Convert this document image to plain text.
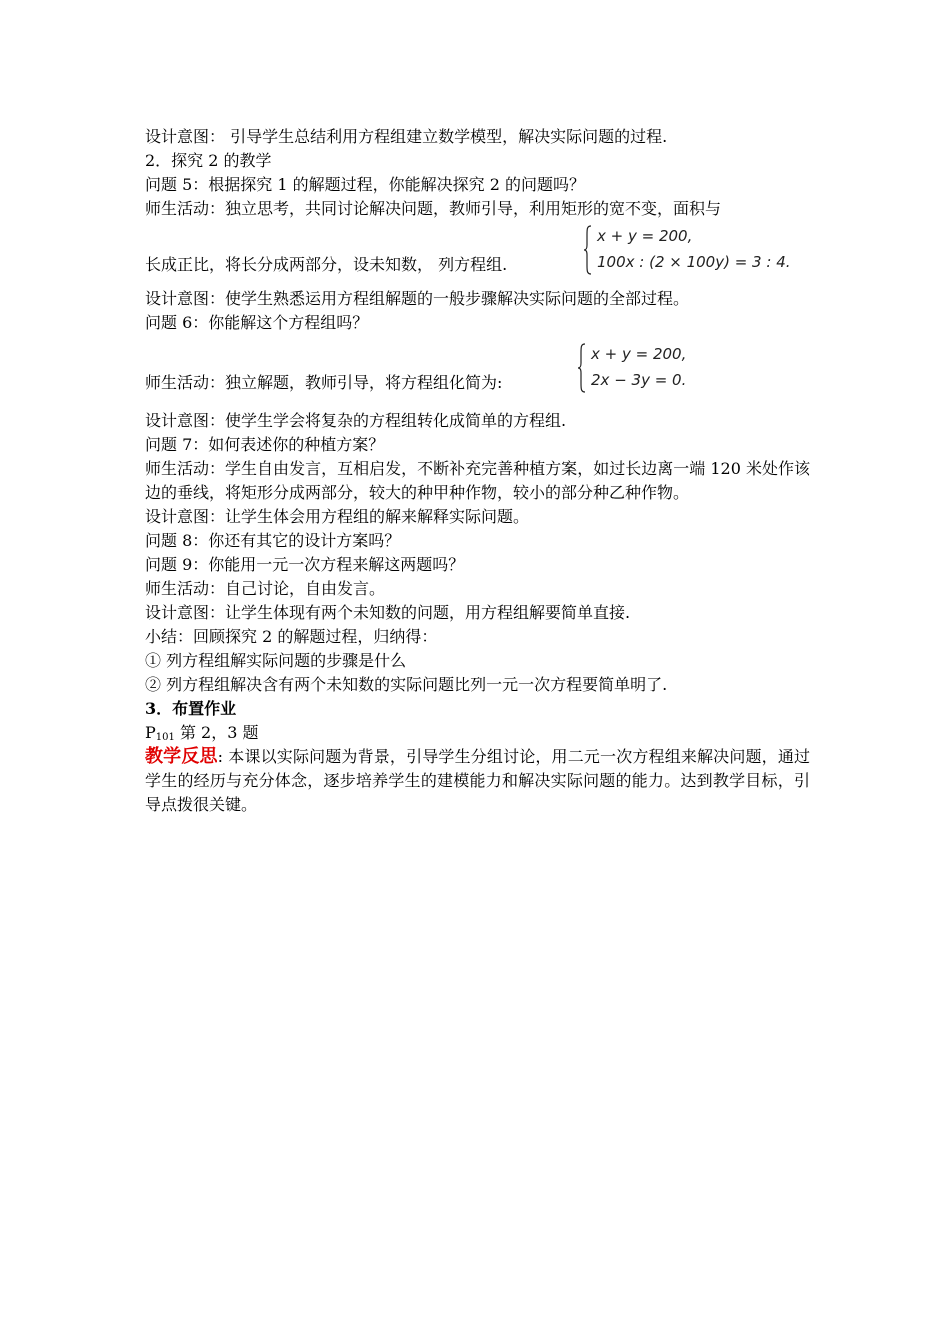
设计意图： 引导学生总结利用方程组建立数学模型，解决实际问题的过程.
2．探究 2 的教学
问题 5：根据探究 1 的解题过程，你能解决探究 2 的问题吗？
师生活动：独立思考，共同讨论解决问题，教师引导，利用矩形的宽不变，面积与
长成正比，将长分成两部分，设未知数， 列方程组.
x + y = 200,
100x : (2 × 100y) = 3 : 4.
设计意图：使学生熟悉运用方程组解题的一般步骤解决实际问题的全部过程。
问题 6：你能解这个方程组吗？
师生活动：独立解题，教师引导，将方程组化简为:
x + y = 200,
2x − 3y = 0.
设计意图：使学生学会将复杂的方程组转化成简单的方程组.
问题 7：如何表述你的种植方案？
师生活动：学生自由发言，互相启发，不断补充完善种植方案，如过长边离一端 120 米处作该边的垂线，将矩形分成两部分，较大的种甲种作物，较小的部分种乙种作物。
设计意图：让学生体会用方程组的解来解释实际问题。
问题 8：你还有其它的设计方案吗？
问题 9：你能用一元一次方程来解这两题吗？
师生活动：自己讨论，自由发言。
设计意图：让学生体现有两个未知数的问题，用方程组解要简单直接.
小结：回顾探究 2 的解题过程，归纳得：
① 列方程组解实际问题的步骤是什么
② 列方程组解决含有两个未知数的实际问题比列一元一次方程要简单明了.
3．布置作业
$P_{101}$ 第 2，3 题
教学反思: 本课以实际问题为背景，引导学生分组讨论，用二元一次方程组来解决问题，通过学生的经历与充分体念，逐步培养学生的建模能力和解决实际问题的能力。达到教学目标，引导点拨很关键。
